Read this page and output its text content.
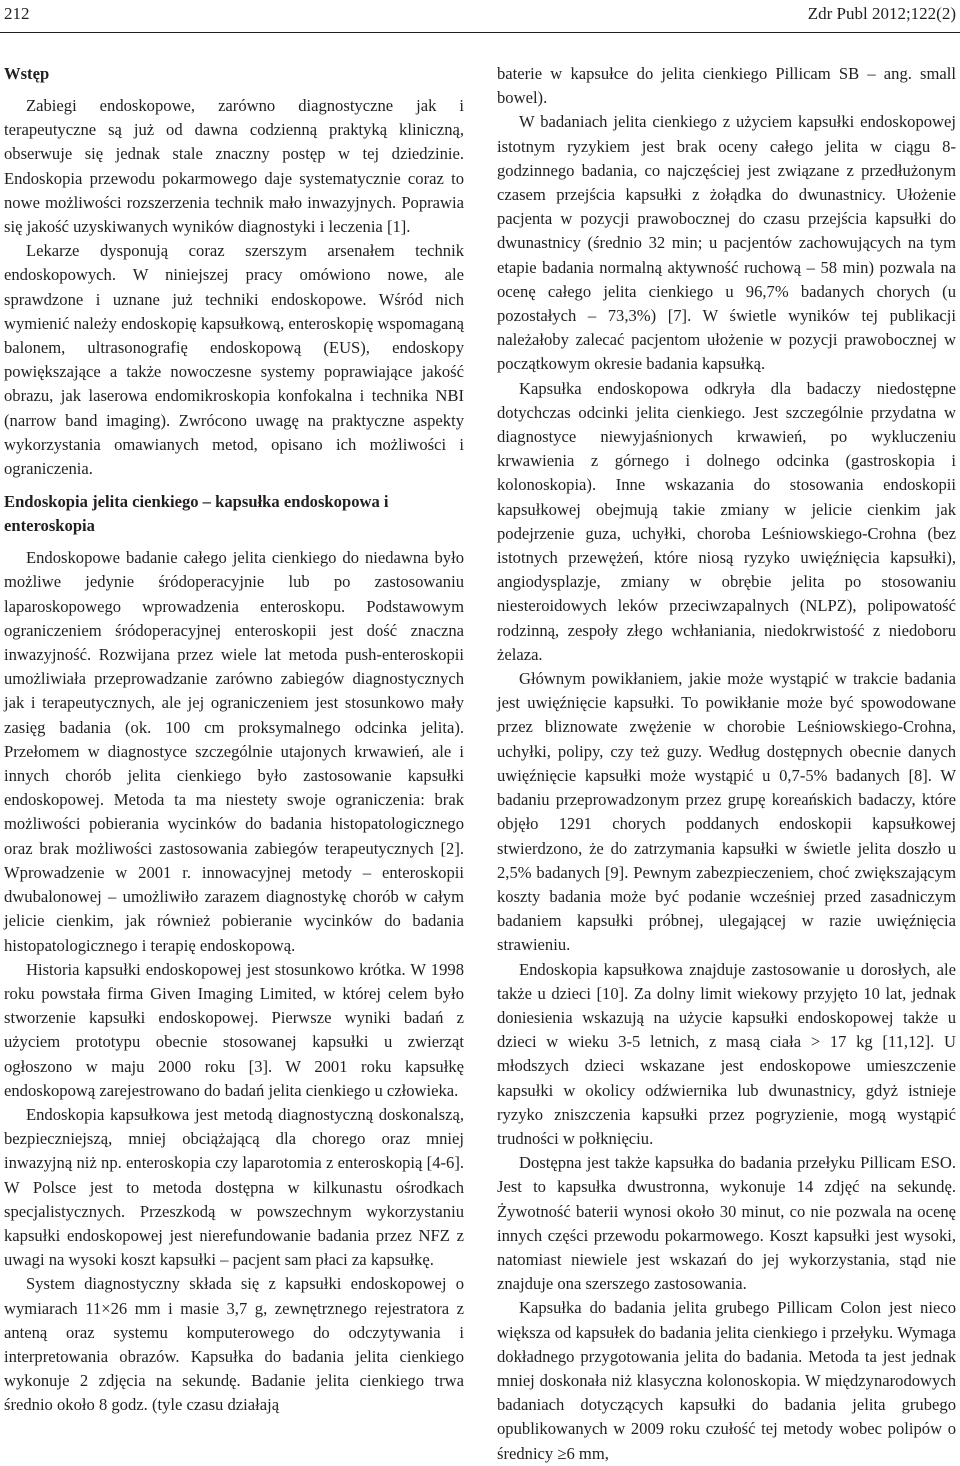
212	Zdr Publ 2012;122(2)
Wstęp

Zabiegi endoskopowe, zarówno diagnostyczne jak i terapeutyczne są już od dawna codzienną praktyką kliniczną, obserwuje się jednak stale znaczny postęp w tej dziedzinie. Endoskopia przewodu pokarmowego daje systematycznie coraz to nowe możliwości rozszerzenia technik mało inwazyjnych. Poprawia się jakość uzyskiwanych wyników diagnostyki i leczenia [1].

Lekarze dysponują coraz szerszym arsenałem technik endoskopowych. W niniejszej pracy omówiono nowe, ale sprawdzone i uznane już techniki endoskopowe. Wśród nich wymienić należy endoskopię kapsułkową, enteroskopię wspomaganą balonem, ultrasonografię endoskopową (EUS), endoskopy powiększające a także nowoczesne systemy poprawiające jakość obrazu, jak laserowa endomikroskopia konfokalna i technika NBI (narrow band imaging). Zwrócono uwagę na praktyczne aspekty wykorzystania omawianych metod, opisano ich możliwości i ograniczenia.

Endoskopia jelita cienkiego – kapsułka endoskopowa i enteroskopia

Endoskopowe badanie całego jelita cienkiego do niedawna było możliwe jedynie śródoperacyjnie lub po zastosowaniu laparoskopowego wprowadzenia enteroskopu. Podstawowym ograniczeniem śródoperacyjnej enteroskopii jest dość znaczna inwazyjność. Rozwijana przez wiele lat metoda push-enteroskopii umożliwiała przeprowadzanie zarówno zabiegów diagnostycznych jak i terapeutycznych, ale jej ograniczeniem jest stosunkowo mały zasięg badania (ok. 100 cm proksymalnego odcinka jelita). Przełomem w diagnostyce szczególnie utajonych krwawień, ale i innych chorób jelita cienkiego było zastosowanie kapsułki endoskopowej. Metoda ta ma niestety swoje ograniczenia: brak możliwości pobierania wycinków do badania histopatologicznego oraz brak możliwości zastosowania zabiegów terapeutycznych [2]. Wprowadzenie w 2001 r. innowacyjnej metody – enteroskopii dwubalonowej – umożliwiło zarazem diagnostykę chorób w całym jelicie cienkim, jak również pobieranie wycinków do badania histopatologicznego i terapię endoskopową.

Historia kapsułki endoskopowej jest stosunkowo krótka. W 1998 roku powstała firma Given Imaging Limited, w której celem było stworzenie kapsułki endoskopowej. Pierwsze wyniki badań z użyciem prototypu obecnie stosowanej kapsułki u zwierząt ogłoszono w maju 2000 roku [3]. W 2001 roku kapsułkę endoskopową zarejestrowano do badań jelita cienkiego u człowieka.

Endoskopia kapsułkowa jest metodą diagnostyczną doskonalszą, bezpieczniejszą, mniej obciążającą dla chorego oraz mniej inwazyjną niż np. enteroskopia czy laparotomia z enteroskopią [4-6]. W Polsce jest to metoda dostępna w kilkunastu ośrodkach specjalistycznych. Przeszkodą w powszechnym wykorzystaniu kapsułki endoskopowej jest nierefundowanie badania przez NFZ z uwagi na wysoki koszt kapsułki – pacjent sam płaci za kapsułkę.

System diagnostyczny składa się z kapsułki endoskopowej o wymiarach 11×26 mm i masie 3,7 g, zewnętrznego rejestratora z anteną oraz systemu komputerowego do odczytywania i interpretowania obrazów. Kapsułka do badania jelita cienkiego wykonuje 2 zdjęcia na sekundę. Badanie jelita cienkiego trwa średnio około 8 godz. (tyle czasu działają

baterie w kapsułce do jelita cienkiego Pillicam SB – ang. small bowel).

W badaniach jelita cienkiego z użyciem kapsułki endoskopowej istotnym ryzykiem jest brak oceny całego jelita w ciągu 8-godzinnego badania, co najczęściej jest związane z przedłużonym czasem przejścia kapsułki z żołądka do dwunastnicy. Ułożenie pacjenta w pozycji prawobocznej do czasu przejścia kapsułki do dwunastnicy (średnio 32 min; u pacjentów zachowujących na tym etapie badania normalną aktywność ruchową – 58 min) pozwala na ocenę całego jelita cienkiego u 96,7% badanych chorych (u pozostałych – 73,3%) [7]. W świetle wyników tej publikacji należałoby zalecać pacjentom ułożenie w pozycji prawobocznej w początkowym okresie badania kapsułką.

Kapsułka endoskopowa odkryła dla badaczy niedostępne dotychczas odcinki jelita cienkiego. Jest szczególnie przydatna w diagnostyce niewyjaśnionych krwawień, po wykluczeniu krwawienia z górnego i dolnego odcinka (gastroskopia i kolonoskopia). Inne wskazania do stosowania endoskopii kapsułkowej obejmują takie zmiany w jelicie cienkim jak podejrzenie guza, uchyłki, choroba Leśniowskiego-Crohna (bez istotnych przewężeń, które niosą ryzyko uwięźnięcia kapsułki), angiodysplazje, zmiany w obrębie jelita po stosowaniu niesteroidowych leków przeciwzapalnych (NLPZ), polipowatość rodzinną, zespoły złego wchłaniania, niedokrwistość z niedoboru żelaza.

Głównym powikłaniem, jakie może wystąpić w trakcie badania jest uwięźnięcie kapsułki. To powikłanie może być spowodowane przez bliznowate zwężenie w chorobie Leśniowskiego-Crohna, uchyłki, polipy, czy też guzy. Według dostępnych obecnie danych uwięźnięcie kapsułki może wystąpić u 0,7-5% badanych [8]. W badaniu przeprowadzonym przez grupę koreańskich badaczy, które objęło 1291 chorych poddanych endoskopii kapsułkowej stwierdzono, że do zatrzymania kapsułki w świetle jelita doszło u 2,5% badanych [9]. Pewnym zabezpieczeniem, choć zwiększającym koszty badania może być podanie wcześniej przed zasadniczym badaniem kapsułki próbnej, ulegającej w razie uwięźnięcia strawieniu.

Endoskopia kapsułkowa znajduje zastosowanie u dorosłych, ale także u dzieci [10]. Za dolny limit wiekowy przyjęto 10 lat, jednak doniesienia wskazują na użycie kapsułki endoskopowej także u dzieci w wieku 3-5 letnich, z masą ciała > 17 kg [11,12]. U młodszych dzieci wskazane jest endoskopowe umieszczenie kapsułki w okolicy odźwiernika lub dwunastnicy, gdyż istnieje ryzyko zniszczenia kapsułki przez pogryzienie, mogą wystąpić trudności w połknięciu.

Dostępna jest także kapsułka do badania przełyku Pillicam ESO. Jest to kapsułka dwustronna, wykonuje 14 zdjęć na sekundę. Żywotność baterii wynosi około 30 minut, co nie pozwala na ocenę innych części przewodu pokarmowego. Koszt kapsułki jest wysoki, natomiast niewiele jest wskazań do jej wykorzystania, stąd nie znajduje ona szerszego zastosowania.

Kapsułka do badania jelita grubego Pillicam Colon jest nieco większa od kapsułek do badania jelita cienkiego i przełyku. Wymaga dokładnego przygotowania jelita do badania. Metoda ta jest jednak mniej doskonała niż klasyczna kolonoskopia. W międzynarodowych badaniach dotyczących kapsułki do badania jelita grubego opublikowanych w 2009 roku czułość tej metody wobec polipów o średnicy ≥6 mm,
